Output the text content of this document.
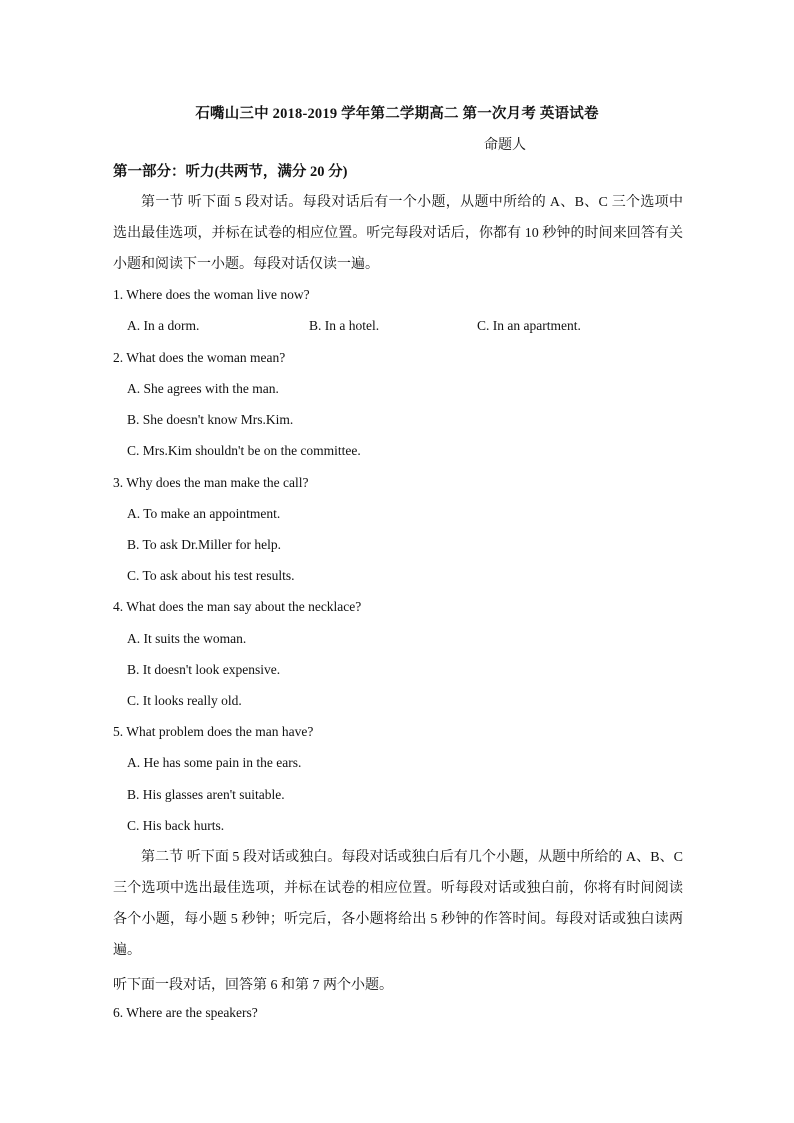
石嘴山三中 2018-2019 学年第二学期高二 第一次月考 英语试卷
命题人
第一部分：听力(共两节，满分 20 分)
第一节 听下面 5 段对话。每段对话后有一个小题，从题中所给的 A、B、C 三个选项中选出最佳选项，并标在试卷的相应位置。听完每段对话后，你都有 10 秒钟的时间来回答有关小题和阅读下一小题。每段对话仅读一遍。
1. Where does the woman live now?
A. In a dorm.	B. In a hotel.	C. In an apartment.
2. What does the woman mean?
A. She agrees with the man.
B. She doesn't know Mrs.Kim.
C. Mrs.Kim shouldn't be on the committee.
3. Why does the man make the call?
A. To make an appointment.
B. To ask Dr.Miller for help.
C. To ask about his test results.
4. What does the man say about the necklace?
A. It suits the woman.
B. It doesn't look expensive.
C. It looks really old.
5. What problem does the man have?
A. He has some pain in the ears.
B. His glasses aren't suitable.
C. His back hurts.
第二节 听下面 5 段对话或独白。每段对话或独白后有几个小题，从题中所给的 A、B、C 三个选项中选出最佳选项，并标在试卷的相应位置。听每段对话或独白前，你将有时间阅读各个小题，每小题 5 秒钟；听完后，各小题将给出 5 秒钟的作答时间。每段对话或独白读两遍。
听下面一段对话，回答第 6 和第 7 两个小题。
6. Where are the speakers?
